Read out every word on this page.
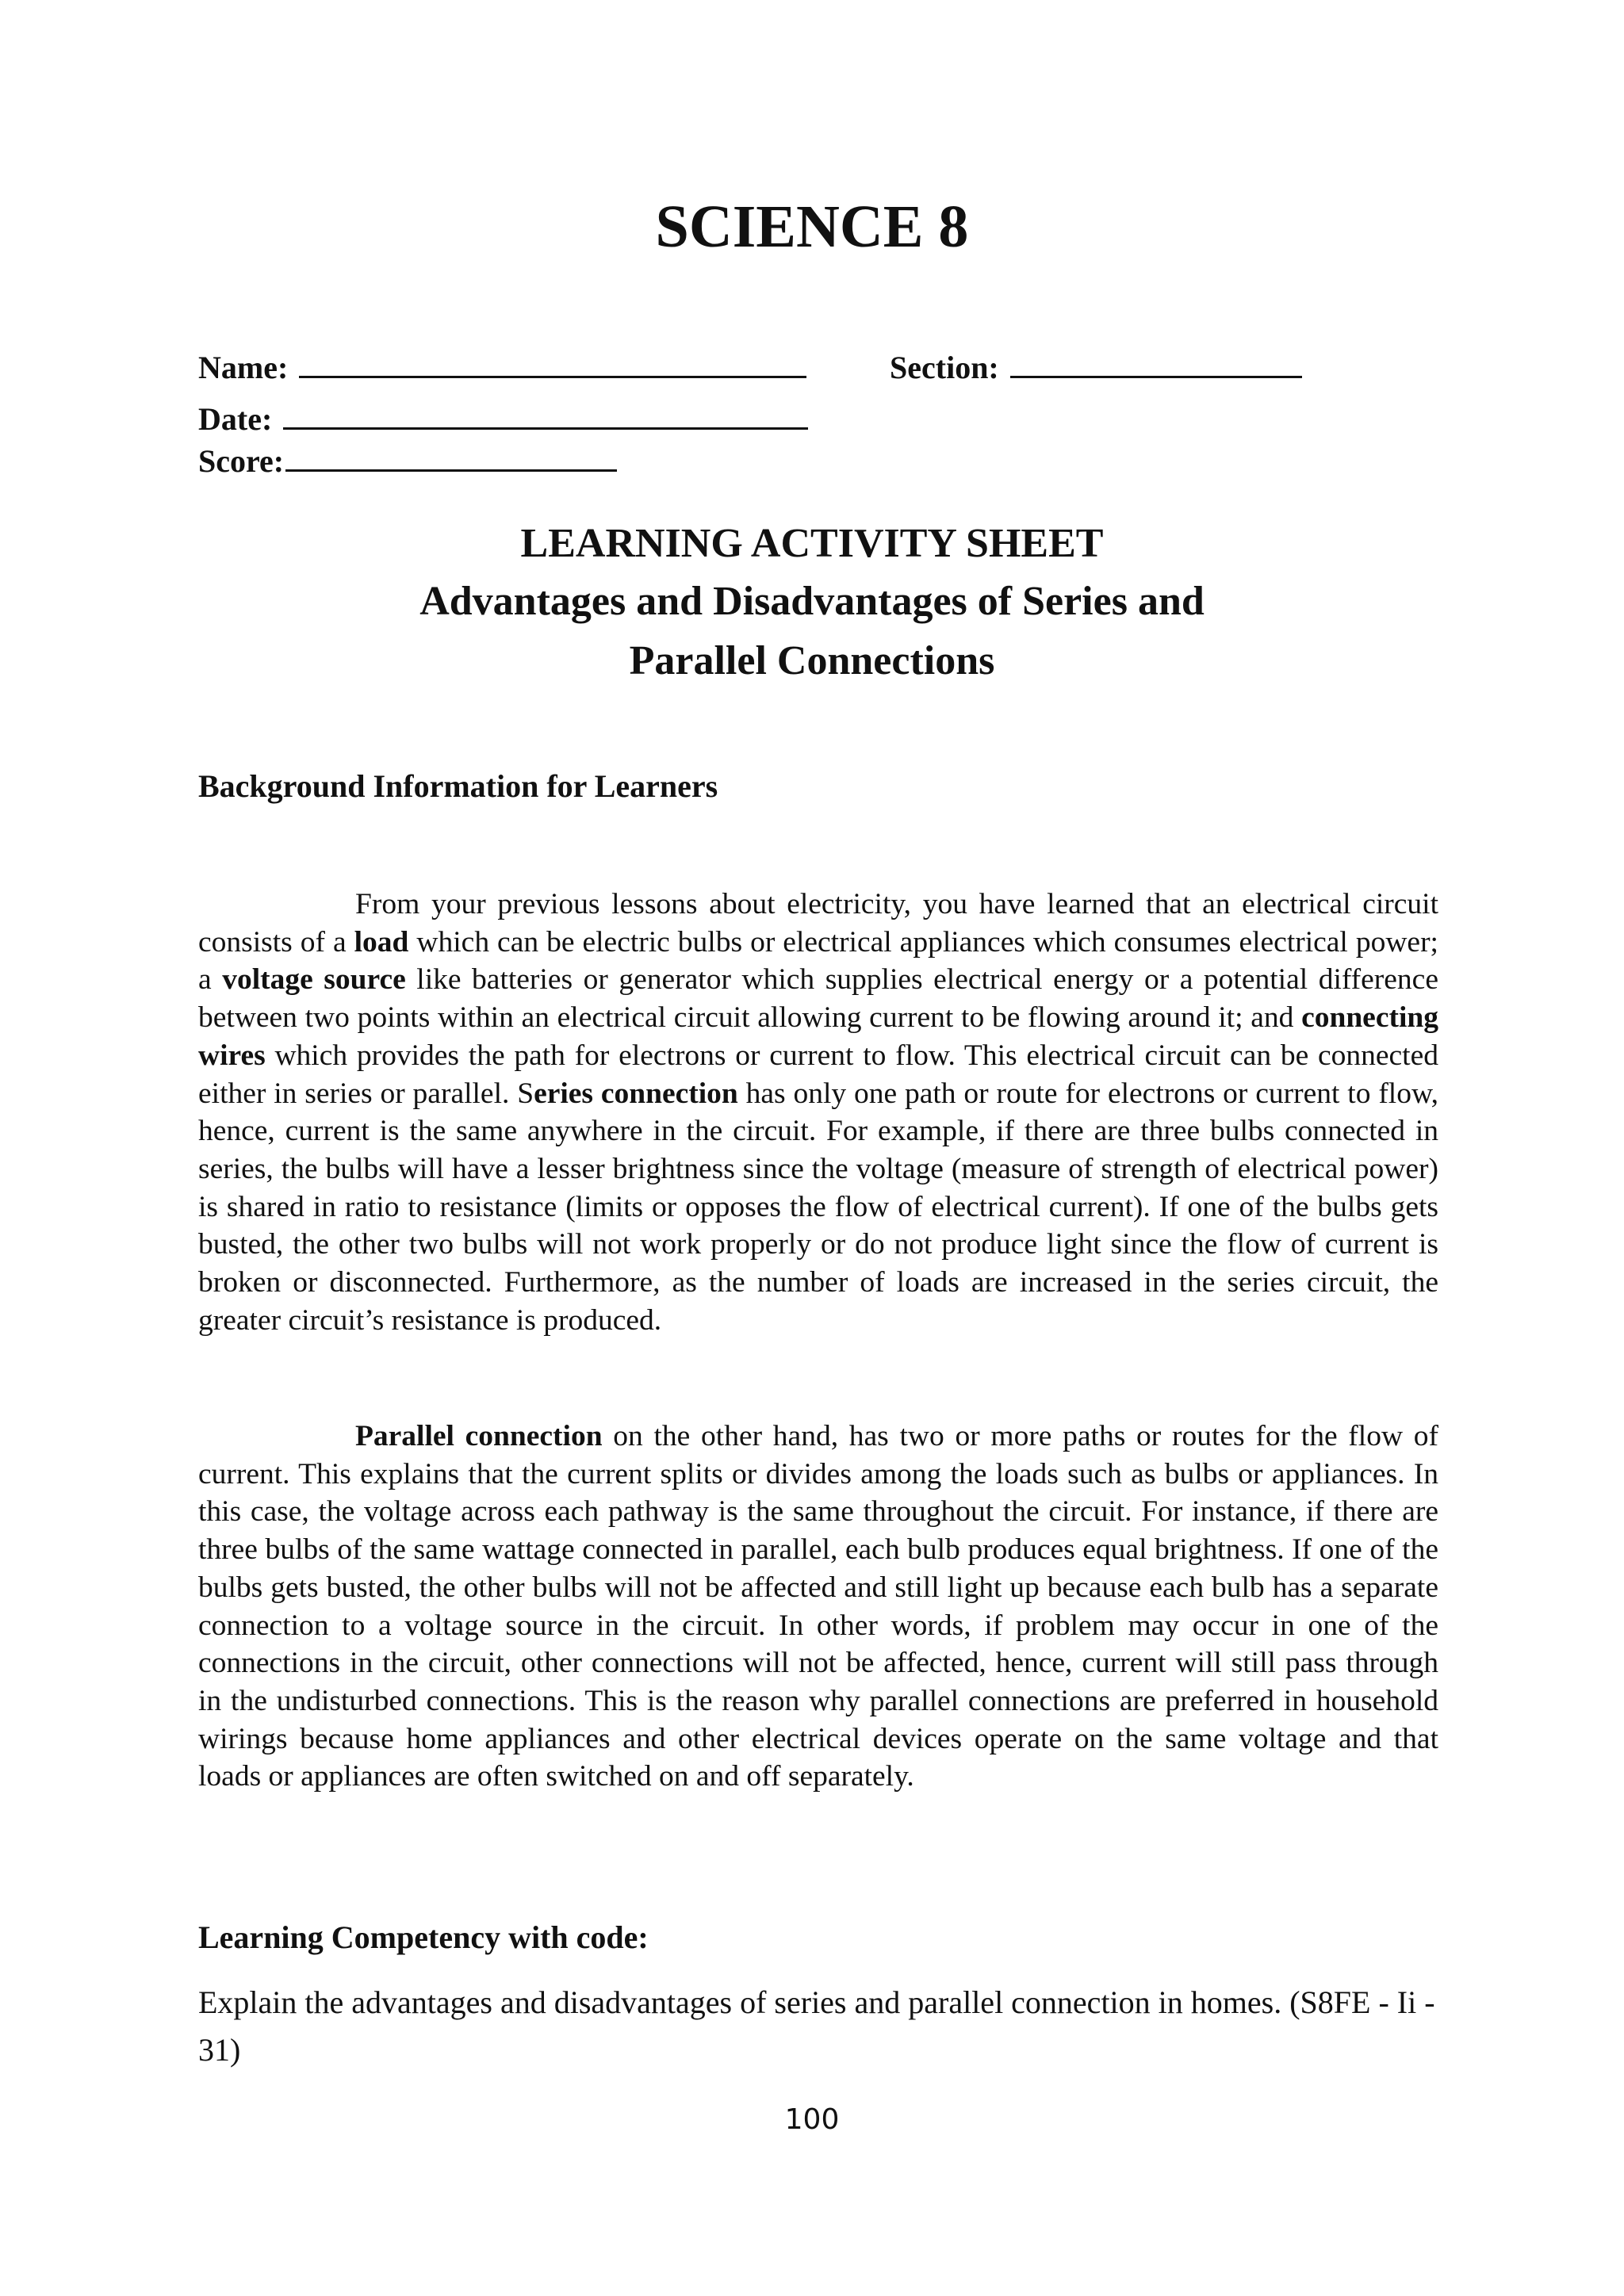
SCIENCE 8
Name:	Section:
Date:
Score:
LEARNING ACTIVITY SHEET
Advantages and Disadvantages of Series and
Parallel Connections
Background Information for Learners

From your previous lessons about electricity, you have learned that an electrical circuit consists of a load which can be electric bulbs or electrical appliances which consumes electrical power; a voltage source like batteries or generator which supplies electrical energy or a potential difference between two points within an electrical circuit allowing current to be flowing around it; and connecting wires which provides the path for electrons or current to flow. This electrical circuit can be connected either in series or parallel. Series connection has only one path or route for electrons or current to flow, hence, current is the same anywhere in the circuit. For example, if there are three bulbs connected in series, the bulbs will have a lesser brightness since the voltage (measure of strength of electrical power) is shared in ratio to resistance (limits or opposes the flow of electrical current). If one of the bulbs gets busted, the other two bulbs will not work properly or do not produce light since the flow of current is broken or disconnected. Furthermore, as the number of loads are increased in the series circuit, the greater circuit’s resistance is produced.

Parallel connection on the other hand, has two or more paths or routes for the flow of current. This explains that the current splits or divides among the loads such as bulbs or appliances. In this case, the voltage across each pathway is the same throughout the circuit. For instance, if there are three bulbs of the same wattage connected in parallel, each bulb produces equal brightness. If one of the bulbs gets busted, the other bulbs will not be affected and still light up because each bulb has a separate connection to a voltage source in the circuit. In other words, if problem may occur in one of the connections in the circuit, other connections will not be affected, hence, current will still pass through in the undisturbed connections. This is the reason why parallel connections are preferred in household wirings because home appliances and other electrical devices operate on the same voltage and that loads or appliances are often switched on and off separately.

Learning Competency with code:
Explain the advantages and disadvantages of series and parallel connection in homes. (S8FE - Ii - 31)
100
